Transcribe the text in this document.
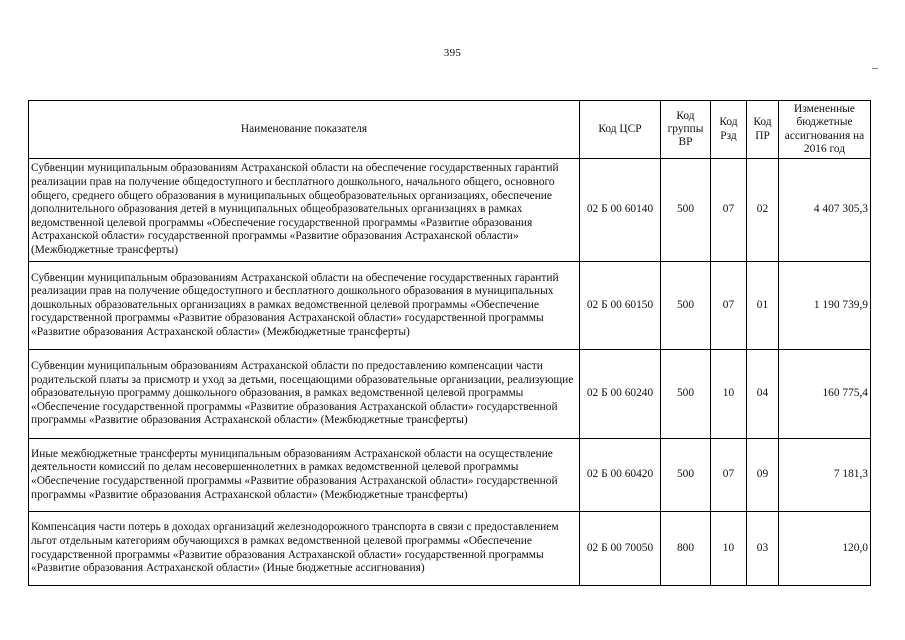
395
Наименование показателя	Код ЦСР	Код группы ВР	Код Рзд	Код ПР	Измененные бюджетные ассигнования на 2016 год
Субвенции муниципальным образованиям Астраханской области на обеспечение государственных гарантий реализации прав на получение общедоступного и бесплатного дошкольного, начального общего, основного общего, среднего общего образования в муниципальных общеобразовательных организациях, обеспечение дополнительного образования детей в муниципальных общеобразовательных организациях в рамках ведомственной целевой программы «Обеспечение государственной программы «Развитие образования Астраханской области» государственной программы «Развитие образования Астраханской области» (Межбюджетные трансферты)	02 Б 00 60140	500	07	02	4 407 305,3
Субвенции муниципальным образованиям Астраханской области на обеспечение государственных гарантий реализации прав на получение общедоступного и бесплатного дошкольного образования в муниципальных дошкольных образовательных организациях в рамках ведомственной целевой программы «Обеспечение государственной программы «Развитие образования Астраханской области» государственной программы «Развитие образования Астраханской области» (Межбюджетные трансферты)	02 Б 00 60150	500	07	01	1 190 739,9
Субвенции муниципальным образованиям Астраханской области по предоставлению компенсации части родительской платы за присмотр и уход за детьми, посещающими образовательные организации, реализующие образовательную программу дошкольного образования, в рамках ведомственной целевой программы «Обеспечение государственной программы «Развитие образования Астраханской области» государственной программы «Развитие образования Астраханской области» (Межбюджетные трансферты)	02 Б 00 60240	500	10	04	160 775,4
Иные межбюджетные трансферты муниципальным образованиям Астраханской области на осуществление деятельности комиссий по делам несовершеннолетних в рамках ведомственной целевой программы «Обеспечение государственной программы «Развитие образования Астраханской области» государственной программы «Развитие образования Астраханской области» (Межбюджетные трансферты)	02 Б 00 60420	500	07	09	7 181,3
Компенсация части потерь в доходах организаций железнодорожного транспорта в связи с предоставлением льгот отдельным категориям обучающихся в рамках ведомственной целевой программы «Обеспечение государственной программы «Развитие образования Астраханской области» государственной программы «Развитие образования Астраханской области» (Иные бюджетные ассигнования)	02 Б 00 70050	800	10	03	120,0
